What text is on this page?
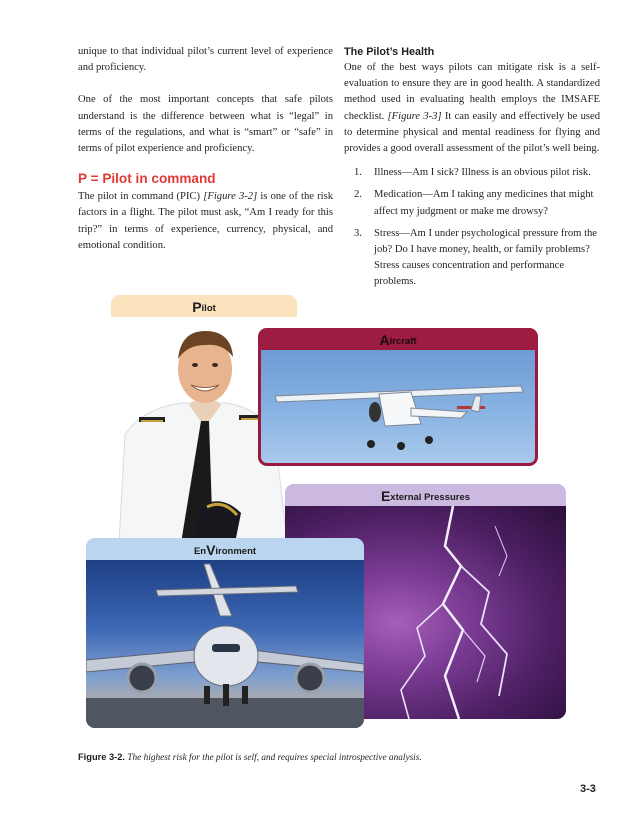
unique to that individual pilot’s current level of experience and proficiency.

One of the most important concepts that safe pilots understand is the difference between what is “legal” in terms of the regulations, and what is “smart” or “safe” in terms of pilot experience and proficiency.

P = Pilot in command

The pilot in command (PIC) [Figure 3-2] is one of the risk factors in a flight. The pilot must ask, “Am I ready for this trip?” in terms of experience, currency, physical, and emotional condition.

The Pilot’s Health

One of the best ways pilots can mitigate risk is a self-evaluation to ensure they are in good health. A standardized method used in evaluating health employs the IMSAFE checklist. [Figure 3-3] It can easily and effectively be used to determine physical and mental readiness for flying and provides a good overall assessment of the pilot’s well being.

1. Illness—Am I sick? Illness is an obvious pilot risk.
2. Medication—Am I taking any medicines that might affect my judgment or make me drowsy?
3. Stress—Am I under psychological pressure from the job? Do I have money, health, or family problems? Stress causes concentration and performance problems.
P ilot
A ircraft
E xternal Pressures
En V ironment
Figure 3-2. The highest risk for the pilot is self, and requires special introspective analysis.
3-3
